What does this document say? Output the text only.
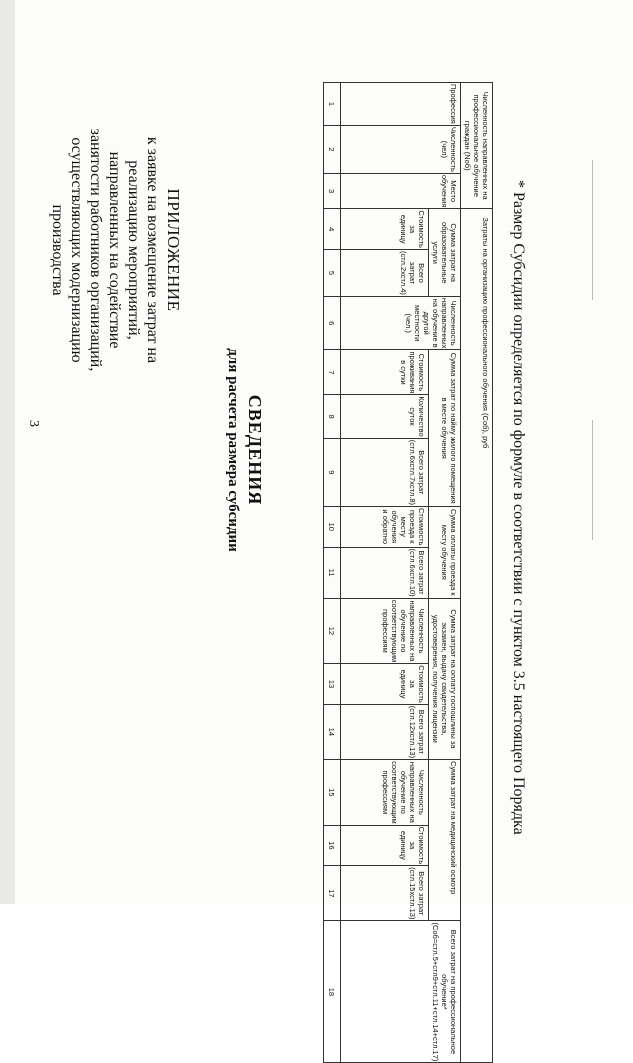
3
ПРИЛОЖЕНИЕ
к заявке на возмещение затрат на
реализацию мероприятий,
направленных на содействие
занятости работников организаций,
осуществляющих модернизацию
производства
СВЕДЕНИЯ
для расчета размера субсидии
Численность направленных на профессиональное обучение граждан (Nоб)			Затраты на организацию профессионального обучения (Соб), руб														
Профессия	Численность (чел)	Место обучения	Сумма затрат на образовательные услуги		Численность направленных на обучение в другой местности (чел.)	Сумма затрат по найму жилого помещения в месте обучения			Сумма оплаты проезда к месту обучения		Сумма затрат на оплату госпошлины за экзамен, выдачу свидетельства, удостоверения, получения лицензии			Сумма затрат на медицинский осмотр			Всего затрат на профессиональное обучение* (Соб=стл.5+стл9+стл.11+стл.14+стл.17)
			Стоимость за единицу	Всего затрат (стл.2хстл.4)		Стоимость проживания в сутки	Количество суток	Всего затрат (стл.6хстл.7хстл.8)	Стоимость проезда к месту обучения и обратно	Всего затрат (стл.6хстл.10)	Численность направленных на обучение по соответствующим профессиям	Стоимость за единицу	Всего затрат (стл.12хстл.13)	Численность направленных на обучение по соответствующим профессиям	Стоимость за единицу	Всего затрат (стл.15хстл.13)	
1	2	3	4	5	6	7	8	9	10	11	12	13	14	15	16	17	18
* Размер Субсидии определяется по формуле в соответствии с пунктом 3.5 настоящего Порядка
